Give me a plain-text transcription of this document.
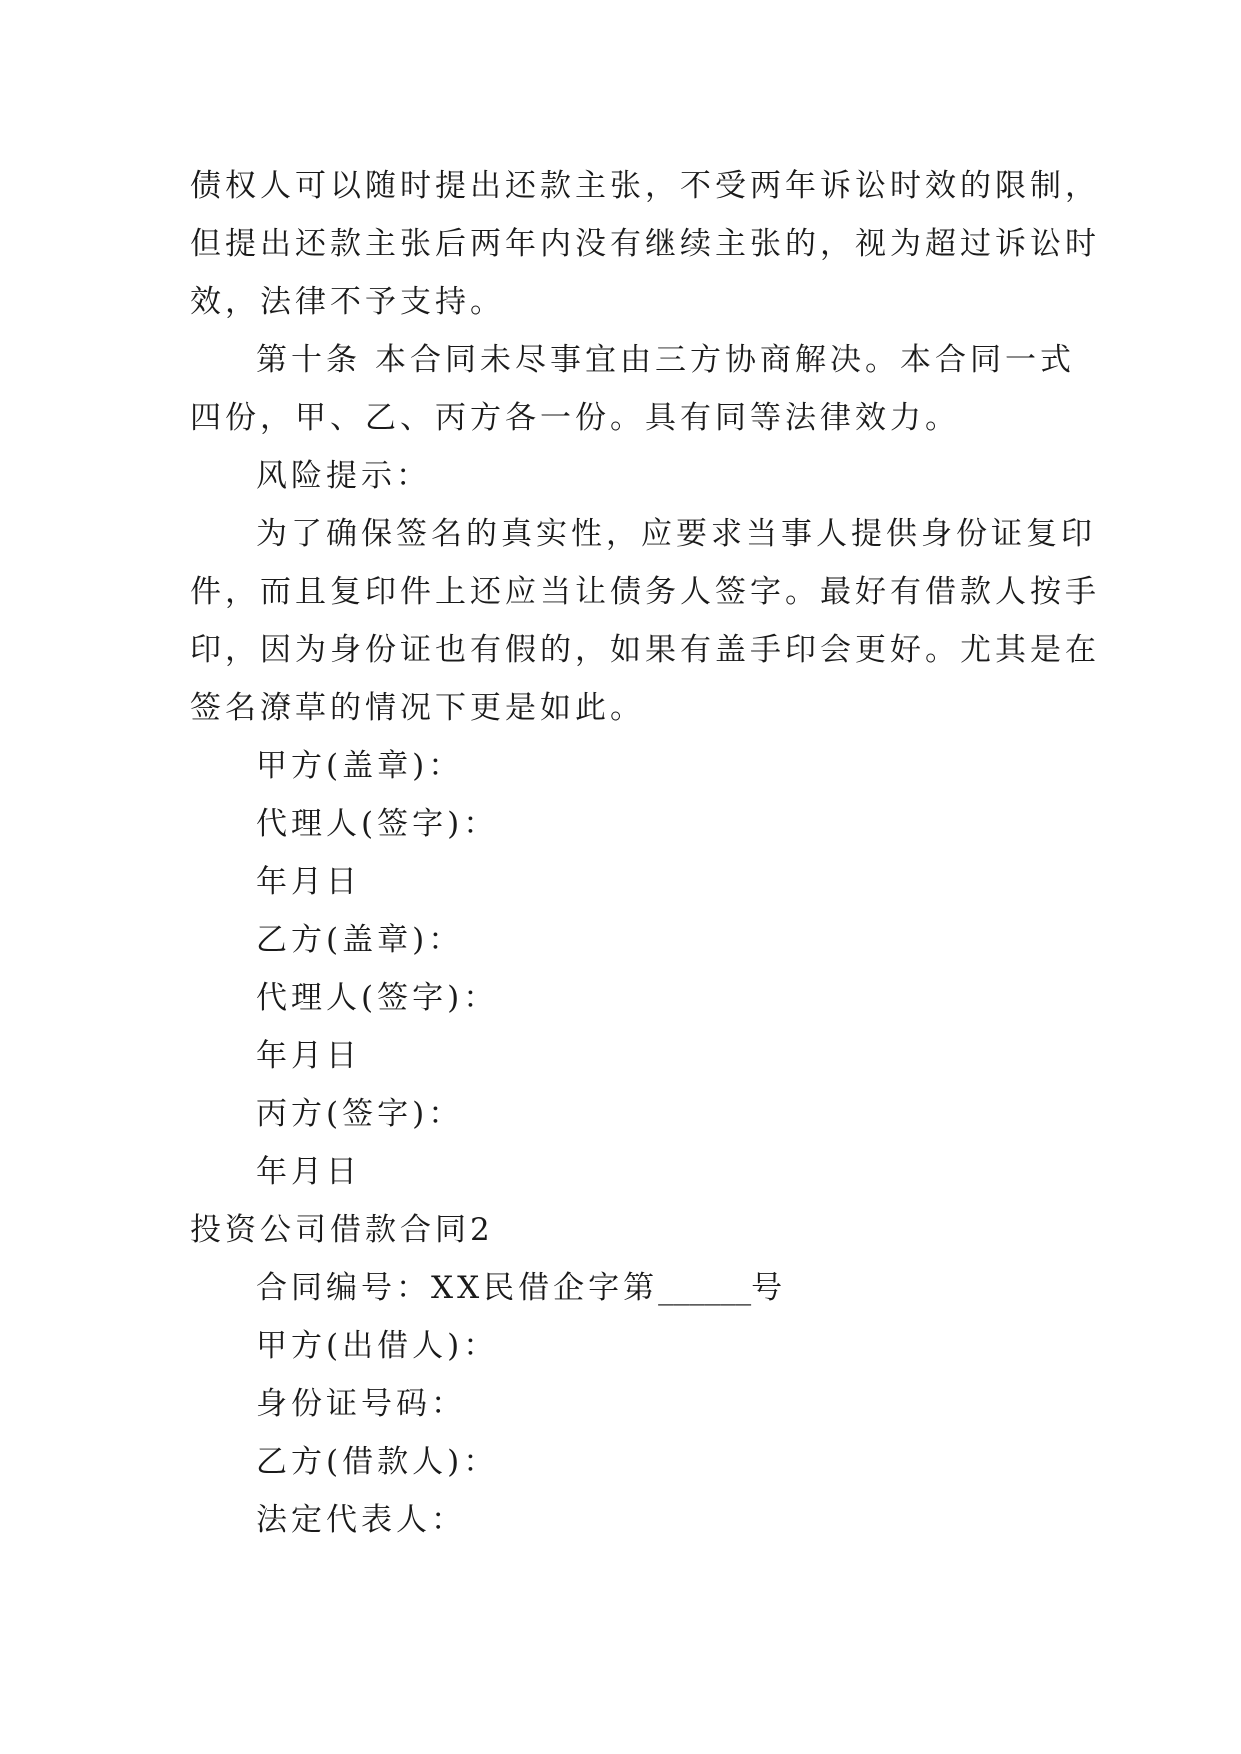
债权人可以随时提出还款主张，不受两年诉讼时效的限制，
但提出还款主张后两年内没有继续主张的，视为超过诉讼时
效，法律不予支持。
第十条 本合同未尽事宜由三方协商解决。本合同一式
四份，甲、乙、丙方各一份。具有同等法律效力。
风险提示：
为了确保签名的真实性，应要求当事人提供身份证复印
件，而且复印件上还应当让债务人签字。最好有借款人按手
印，因为身份证也有假的，如果有盖手印会更好。尤其是在
签名潦草的情况下更是如此。
甲方(盖章)：
代理人(签字)：
年月日
乙方(盖章)：
代理人(签字)：
年月日
丙方(签字)：
年月日
投资公司借款合同2
合同编号：XX民借企字第______号
甲方(出借人)：
身份证号码：
乙方(借款人)：
法定代表人：
